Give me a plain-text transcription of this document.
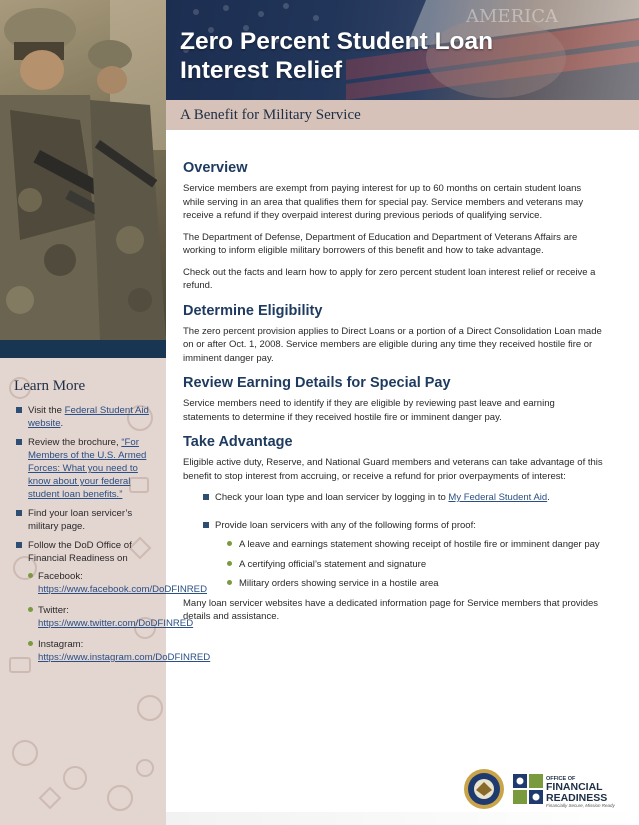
Learn More
Visit the Federal Student Aid website.
Review the brochure, “For Members of the U.S. Armed Forces: What you need to know about your federal student loan benefits.”
Find your loan servicer’s military page.
Follow the DoD Office of Financial Readiness on
Facebook: https://www.facebook.com/DoDFINRED
Twitter: https://www.twitter.com/DoDFINRED
Instagram: https://www.instagram.com/DoDFINRED
AMERICA
Zero Percent Student Loan
Interest Relief
A Benefit for Military Service
Overview

Service members are exempt from paying interest for up to 60 months on certain student loans while serving in an area that qualifies them for special pay. Service members and veterans may receive a refund if they overpaid interest during previous periods of qualifying service.

The Department of Defense, Department of Education and Department of Veterans Affairs are working to inform eligible military borrowers of this benefit and how to take advantage.

Check out the facts and learn how to apply for zero percent student loan interest relief or receive a refund.

Determine Eligibility

The zero percent provision applies to Direct Loans or a portion of a Direct Consolidation Loan made on or after Oct. 1, 2008. Service members are eligible during any time they received hostile fire or imminent danger pay.

Review Earning Details for Special Pay

Service members need to identify if they are eligible by reviewing past leave and earning statements to determine if they received hostile fire or imminent danger pay.

Take Advantage

Eligible active duty, Reserve, and National Guard members and veterans can take advantage of this benefit to stop interest from accruing, or receive a refund for prior overpayments of interest:

Check your loan type and loan servicer by logging in to My Federal Student Aid.
Provide loan servicers with any of the following forms of proof:
A leave and earnings statement showing receipt of hostile fire or imminent danger pay
A certifying official’s statement and signature
Military orders showing service in a hostile area

Many loan servicer websites have a dedicated information page for Service members that provides details and assistance.

OFFICE OF
FINANCIAL
READINESS
Financially Secure, Mission Ready
